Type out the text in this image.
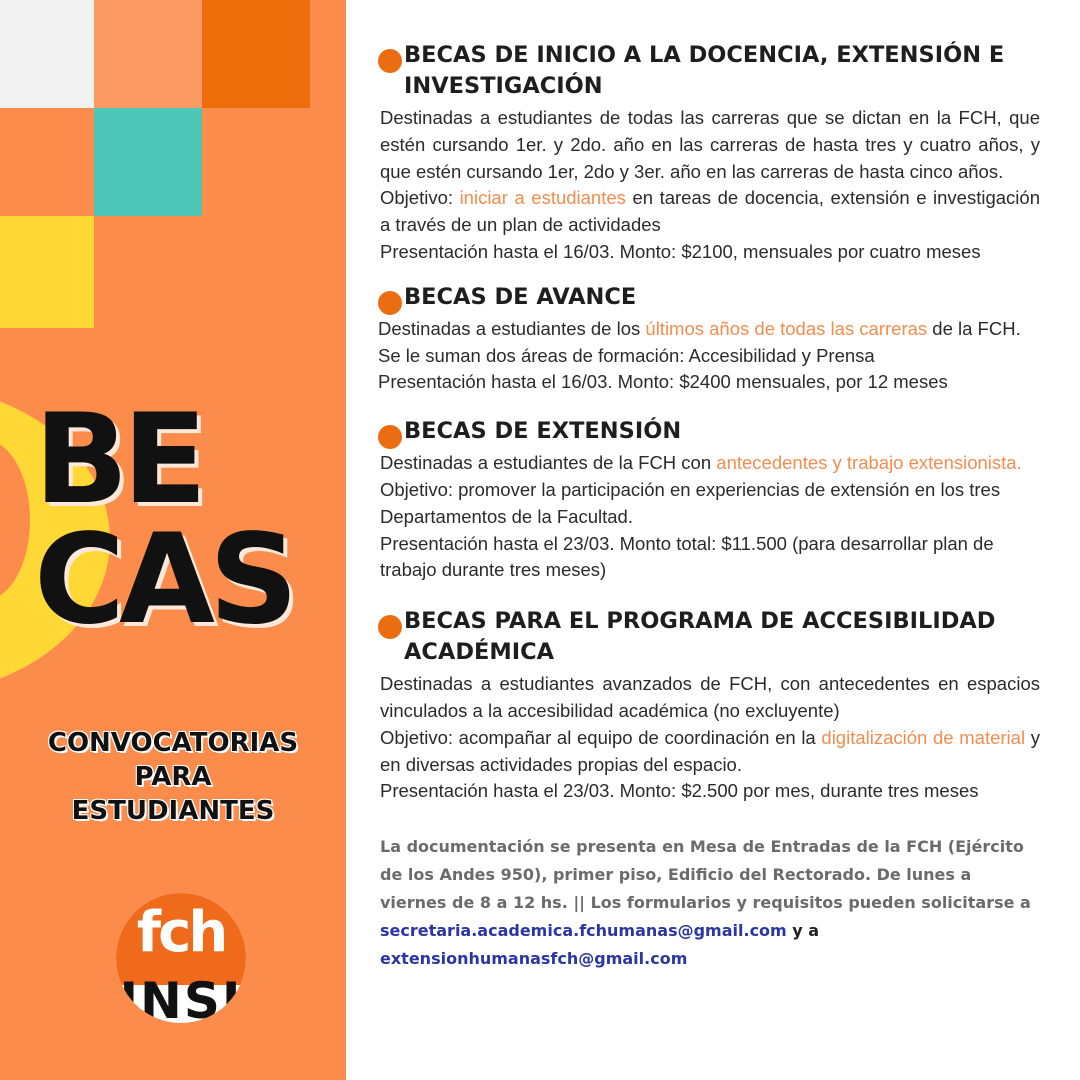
BE
CAS
CONVOCATORIAS
PARA
ESTUDIANTES
fch
INSI
BECAS DE INICIO A LA DOCENCIA, EXTENSIÓN E INVESTIGACIÓN

Destinadas a estudiantes de todas las carreras que se dictan en la FCH, que estén cursando 1er. y 2do. año en las carreras de hasta tres y cuatro años, y que estén cursando 1er, 2do y 3er. año en las carreras de hasta cinco años.

Objetivo: iniciar a estudiantes en tareas de docencia, extensión e investigación a través de un plan de actividades

Presentación hasta el 16/03. Monto: $2100, mensuales por cuatro meses

BECAS DE AVANCE

Destinadas a estudiantes de los últimos años de todas las carreras de la FCH. Se le suman dos áreas de formación: Accesibilidad y Prensa

Presentación hasta el 16/03. Monto: $2400 mensuales, por 12 meses

BECAS DE EXTENSIÓN

Destinadas a estudiantes de la FCH con antecedentes y trabajo extensionista.

Objetivo: promover la participación en experiencias de extensión en los tres Departamentos de la Facultad.

Presentación hasta el 23/03. Monto total: $11.500 (para desarrollar plan de trabajo durante tres meses)

BECAS PARA EL PROGRAMA DE ACCESIBILIDAD ACADÉMICA

Destinadas a estudiantes avanzados de FCH, con antecedentes en espacios vinculados a la accesibilidad académica (no excluyente)

Objetivo: acompañar al equipo de coordinación en la digitalización de material y en diversas actividades propias del espacio.

Presentación hasta el 23/03. Monto: $2.500 por mes, durante tres meses

La documentación se presenta en Mesa de Entradas de la FCH (Ejército de los Andes 950), primer piso, Edificio del Rectorado. De lunes a viernes de 8 a 12 hs. || Los formularios y requisitos pueden solicitarse a
secretaria.academica.fchumanas@gmail.com y a
extensionhumanasfch@gmail.com
